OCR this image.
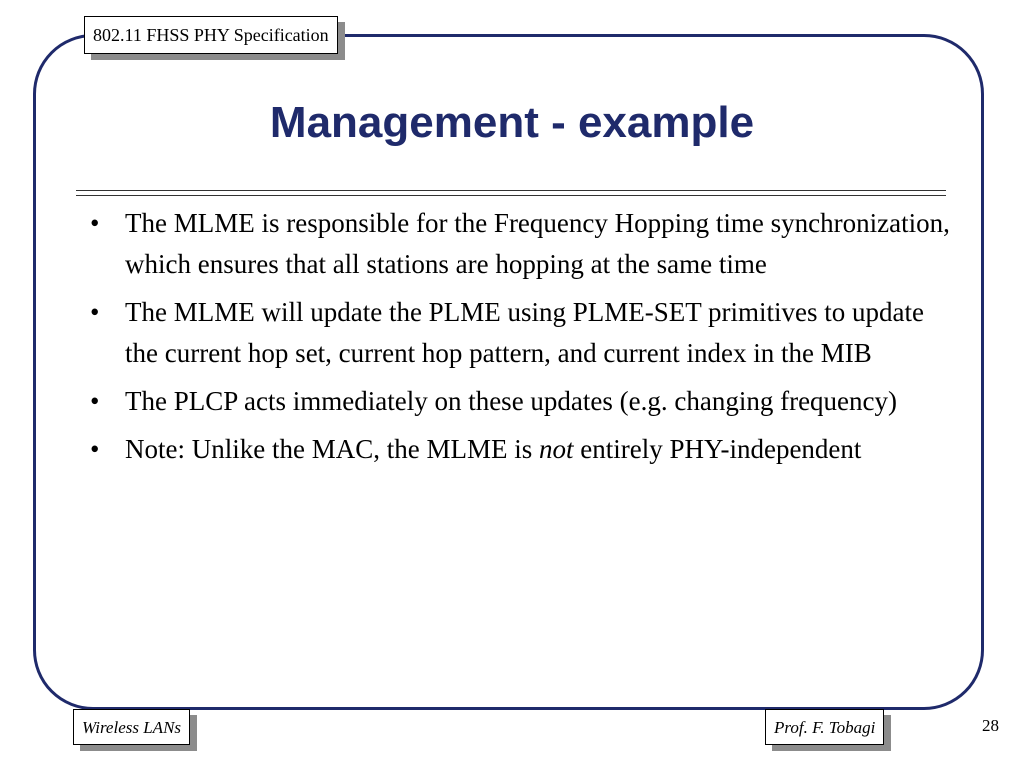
802.11 FHSS PHY Specification
Management - example
• The MLME is responsible for the Frequency Hopping time synchronization, which ensures that all stations are hopping at the same time
• The MLME will update the PLME using PLME-SET primitives to update the current hop set, current hop pattern, and current index in the MIB
• The PLCP acts immediately on these updates (e.g. changing frequency)
• Note: Unlike the MAC, the MLME is not entirely PHY-independent
Wireless LANs	Prof. F. Tobagi	28
